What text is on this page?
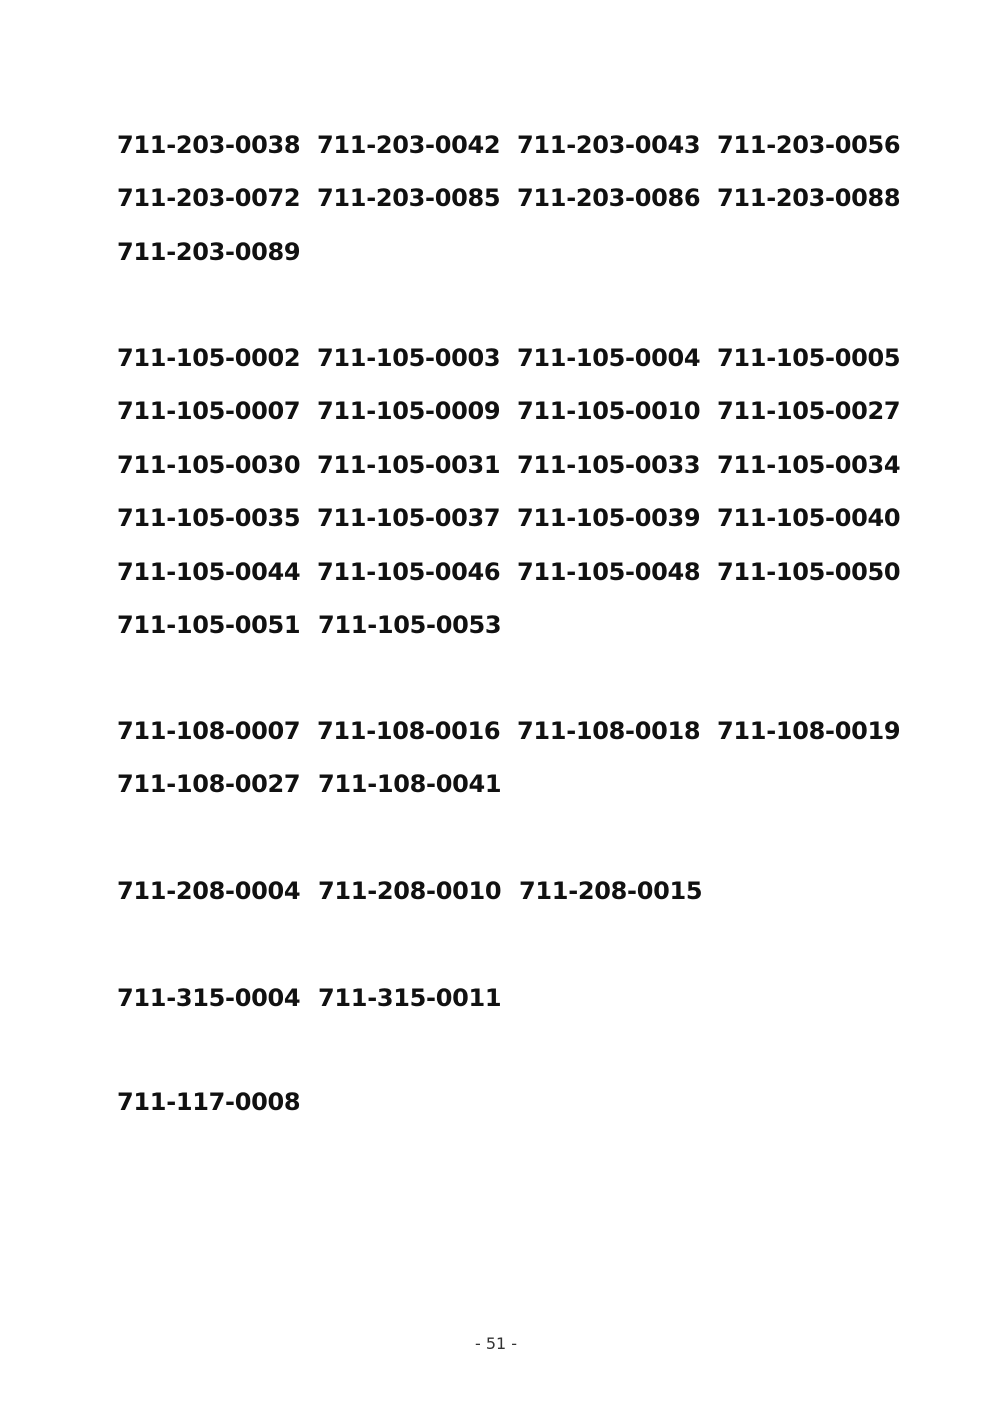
711-203-0038 711-203-0042 711-203-0043 711-203-0056
711-203-0072 711-203-0085 711-203-0086 711-203-0088
711-203-0089
711-105-0002 711-105-0003 711-105-0004 711-105-0005
711-105-0007 711-105-0009 711-105-0010 711-105-0027
711-105-0030 711-105-0031 711-105-0033 711-105-0034
711-105-0035 711-105-0037 711-105-0039 711-105-0040
711-105-0044 711-105-0046 711-105-0048 711-105-0050
711-105-0051 711-105-0053
711-108-0007 711-108-0016 711-108-0018 711-108-0019
711-108-0027 711-108-0041
711-208-0004 711-208-0010 711-208-0015
711-315-0004 711-315-0011
711-117-0008
- 51 -
